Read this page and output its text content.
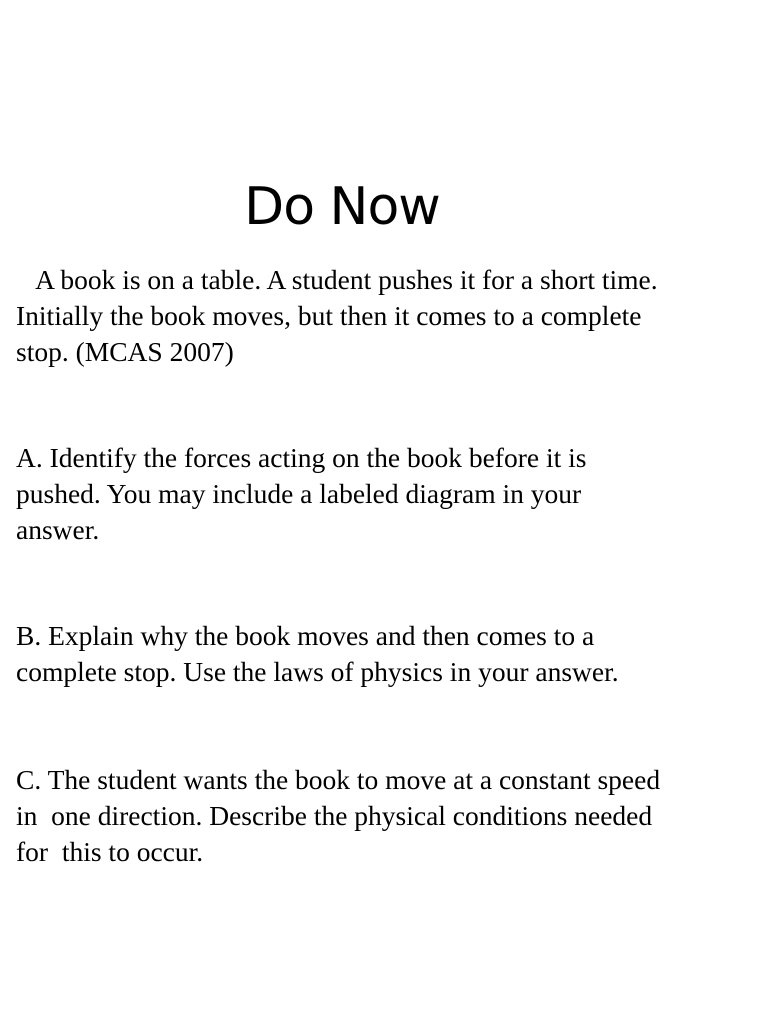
Do Now

A book is on a table. A student pushes it for a short time.
Initially the book moves, but then it comes to a complete
stop. (MCAS 2007)

A. Identify the forces acting on the book before it is
pushed. You may include a labeled diagram in your
answer.

B. Explain why the book moves and then comes to a
complete stop. Use the laws of physics in your answer.

C. The student wants the book to move at a constant speed
in  one direction. Describe the physical conditions needed
for  this to occur.
